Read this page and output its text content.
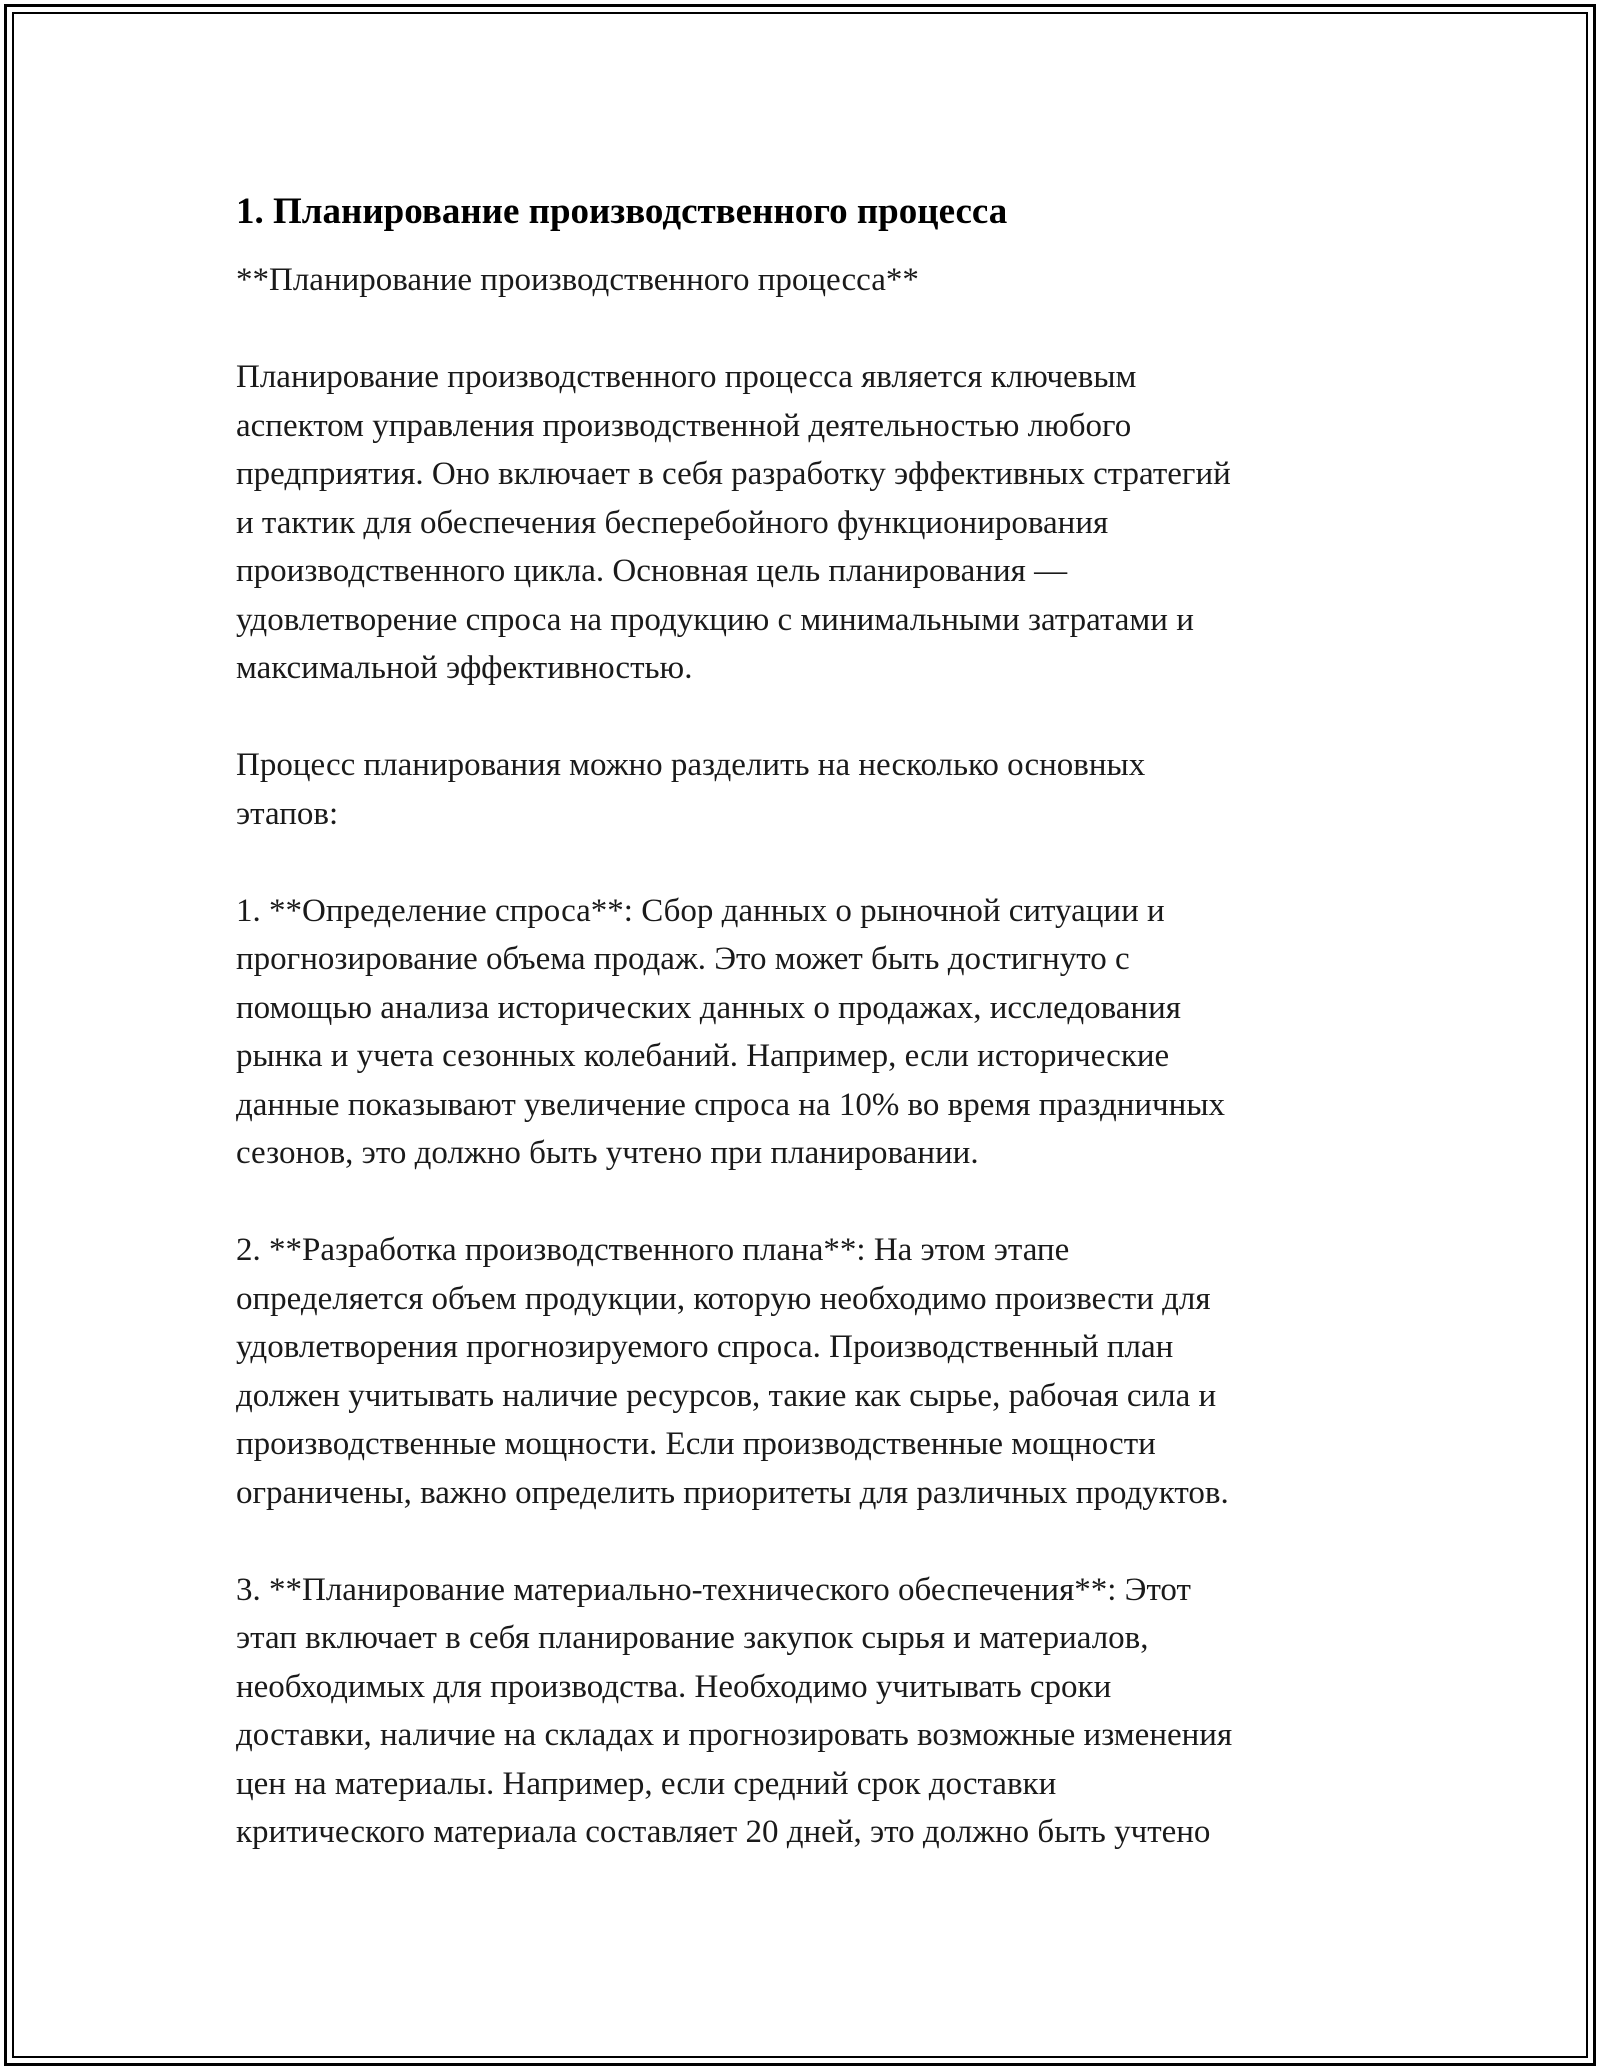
1. Планирование производственного процесса

**Планирование производственного процесса**

Планирование производственного процесса является ключевым
аспектом управления производственной деятельностью любого
предприятия. Оно включает в себя разработку эффективных стратегий
и тактик для обеспечения бесперебойного функционирования
производственного цикла. Основная цель планирования —
удовлетворение спроса на продукцию с минимальными затратами и
максимальной эффективностью.

Процесс планирования можно разделить на несколько основных
этапов:

1. **Определение спроса**: Сбор данных о рыночной ситуации и
прогнозирование объема продаж. Это может быть достигнуто с
помощью анализа исторических данных о продажах, исследования
рынка и учета сезонных колебаний. Например, если исторические
данные показывают увеличение спроса на 10% во время праздничных
сезонов, это должно быть учтено при планировании.

2. **Разработка производственного плана**: На этом этапе
определяется объем продукции, которую необходимо произвести для
удовлетворения прогнозируемого спроса. Производственный план
должен учитывать наличие ресурсов, такие как сырье, рабочая сила и
производственные мощности. Если производственные мощности
ограничены, важно определить приоритеты для различных продуктов.

3. **Планирование материально-технического обеспечения**: Этот
этап включает в себя планирование закупок сырья и материалов,
необходимых для производства. Необходимо учитывать сроки
доставки, наличие на складах и прогнозировать возможные изменения
цен на материалы. Например, если средний срок доставки
критического материала составляет 20 дней, это должно быть учтено
